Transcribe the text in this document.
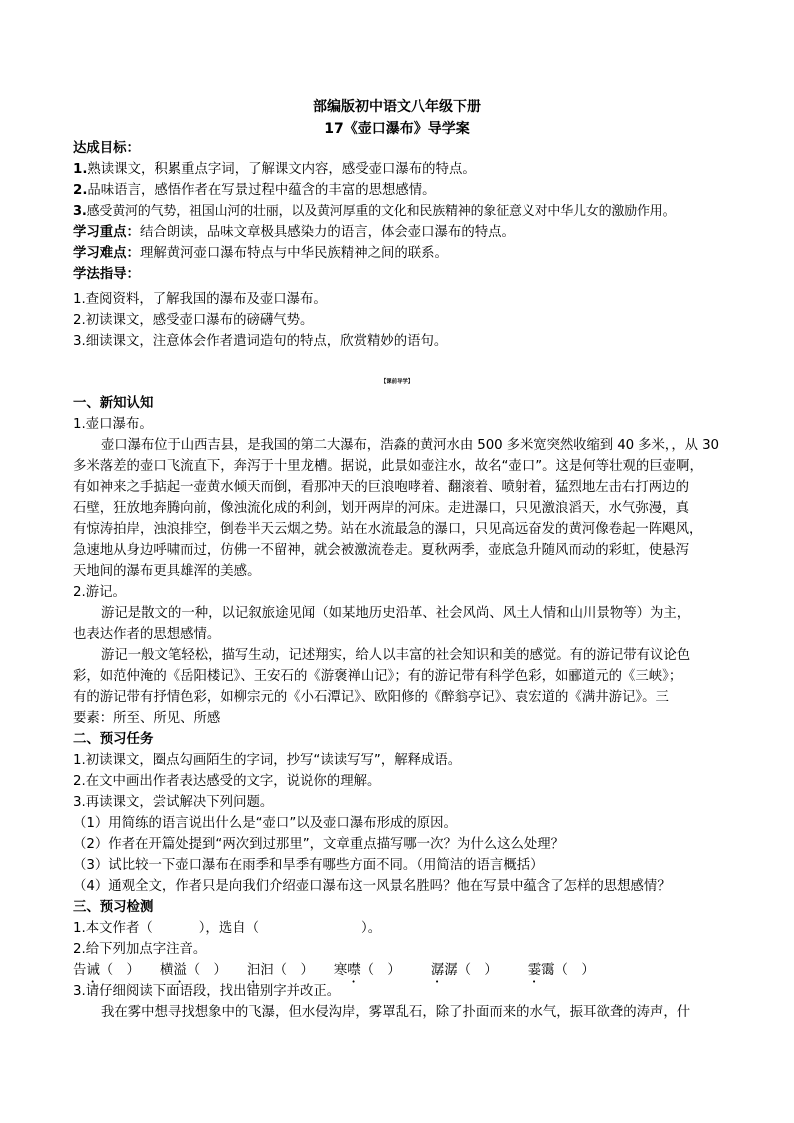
部编版初中语文八年级下册
17《壶口瀑布》导学案
达成目标：
1.熟读课文，积累重点字词，了解课文内容，感受壶口瀑布的特点。
2.品味语言，感悟作者在写景过程中蕴含的丰富的思想感情。
3.感受黄河的气势，祖国山河的壮丽，以及黄河厚重的文化和民族精神的象征意义对中华儿女的激励作用。
学习重点：结合朗读，品味文章极具感染力的语言，体会壶口瀑布的特点。
学习难点：理解黄河壶口瀑布特点与中华民族精神之间的联系。
学法指导：
1.查阅资料，了解我国的瀑布及壶口瀑布。
2.初读课文，感受壶口瀑布的磅礴气势。
3.细读课文，注意体会作者遣词造句的特点，欣赏精妙的语句。
【课前导学】
一、新知认知
1.壶口瀑布。
壶口瀑布位于山西吉县，是我国的第二大瀑布，浩淼的黄河水由 500 多米宽突然收缩到 40 多米，，从 30
多米落差的壶口飞流直下，奔泻于十里龙槽。据说，此景如壶注水，故名“壶口”。这是何等壮观的巨壶啊，
有如神来之手掂起一壶黄水倾天而倒，看那冲天的巨浪咆哮着、翻滚着、喷射着，猛烈地左击右打两边的
石壁，狂放地奔腾向前，像浊流化成的利剑，划开两岸的河床。走进瀑口，只见激浪滔天，水气弥漫，真
有惊涛拍岸，浊浪排空，倒卷半天云烟之势。站在水流最急的瀑口，只见高远奋发的黄河像卷起一阵飓风，
急速地从身边呼啸而过，仿佛一不留神，就会被激流卷走。夏秋两季，壶底急升随风而动的彩虹，使悬泻
天地间的瀑布更具雄浑的美感。
2.游记。
游记是散文的一种，以记叙旅途见闻（如某地历史沿革、社会风尚、风土人情和山川景物等）为主，
也表达作者的思想感情。
游记一般文笔轻松，描写生动，记述翔实，给人以丰富的社会知识和美的感觉。有的游记带有议论色
彩，如范仲淹的《岳阳楼记》、王安石的《游褒禅山记》；有的游记带有科学色彩，如郦道元的《三峡》；
有的游记带有抒情色彩，如柳宗元的《小石潭记》、欧阳修的《醉翁亭记》、袁宏道的《满井游记》。三
要素：所至、所见、所感
二、预习任务
1.初读课文，圈点勾画陌生的字词，抄写“读读写写”，解释成语。
2.在文中画出作者表达感受的文字，说说你的理解。
3.再读课文，尝试解决下列问题。
（1）用简练的语言说出什么是“壶口”以及壶口瀑布形成的原因。
（2）作者在开篇处提到“两次到过那里”，文章重点描写哪一次？为什么这么处理？
（3）试比较一下壶口瀑布在雨季和旱季有哪些方面不同。（用简洁的语言概括）
（4）通观全文，作者只是向我们介绍壶口瀑布这一风景名胜吗？他在写景中蕴含了怎样的思想感情？
三、预习检测
1.本文作者（	），选自（	）。
2.给下列加点字注音。
告诫（　） 横溢（　） 汩汩（　） 寒噤（　） 潺潺（　） 霎霭（　）
3.请仔细阅读下面语段，找出错别字并改正。
我在雾中想寻找想象中的飞瀑，但水侵沟岸，雾罩乱石，除了扑面而来的水气，振耳欲聋的涛声，什
